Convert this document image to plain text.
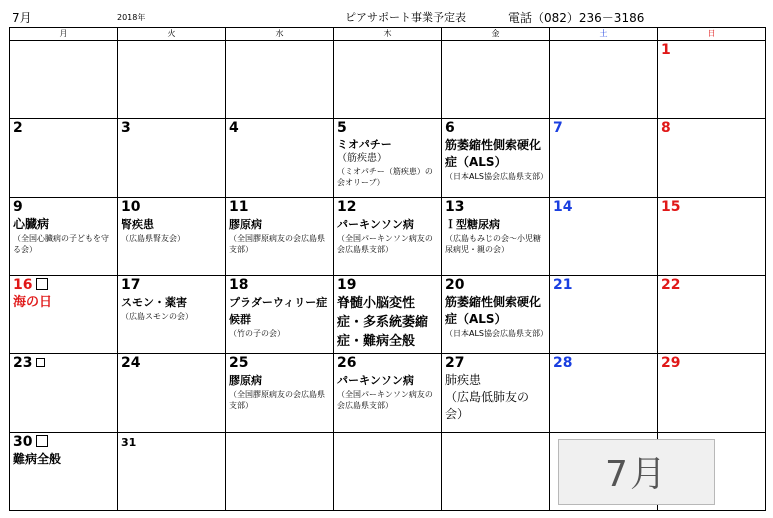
7月	2018年	ピアサポート事業予定表	電話（082）236－3186
月	火	水	木	金	土	日

						1

2	3	4	5
ミオパチー
（筋疾患）
（ミオパチー（筋疾患）の会オリーブ）	6
筋萎縮性側索硬化症（ALS）
（日本ALS協会広島県支部）	7	8

9
心臓病
（全国心臓病の子どもを守る会）	10
腎疾患
（広島県腎友会）	11
膠原病
（全国膠原病友の会広島県支部）	12
パーキンソン病
（全国パーキンソン病友の会広島県支部）	13
Ｉ型糖尿病
（広島もみじの会～小児糖尿病児・親の会）	14	15

16
海の日	17
スモン・薬害
（広島スモンの会）	18
プラダーウィリー症候群
（竹の子の会）	19
脊髄小脳変性症・多系統萎縮症・難病全般	20
筋萎縮性側索硬化症（ALS）
（日本ALS協会広島県支部）	21	22

23	24	25
膠原病
（全国膠原病友の会広島県支部）	26
パーキンソン病
（全国パーキンソン病友の会広島県支部）	27
肺疾患
（広島低肺友の会）	28	29

30
難病全般	31					

7月
